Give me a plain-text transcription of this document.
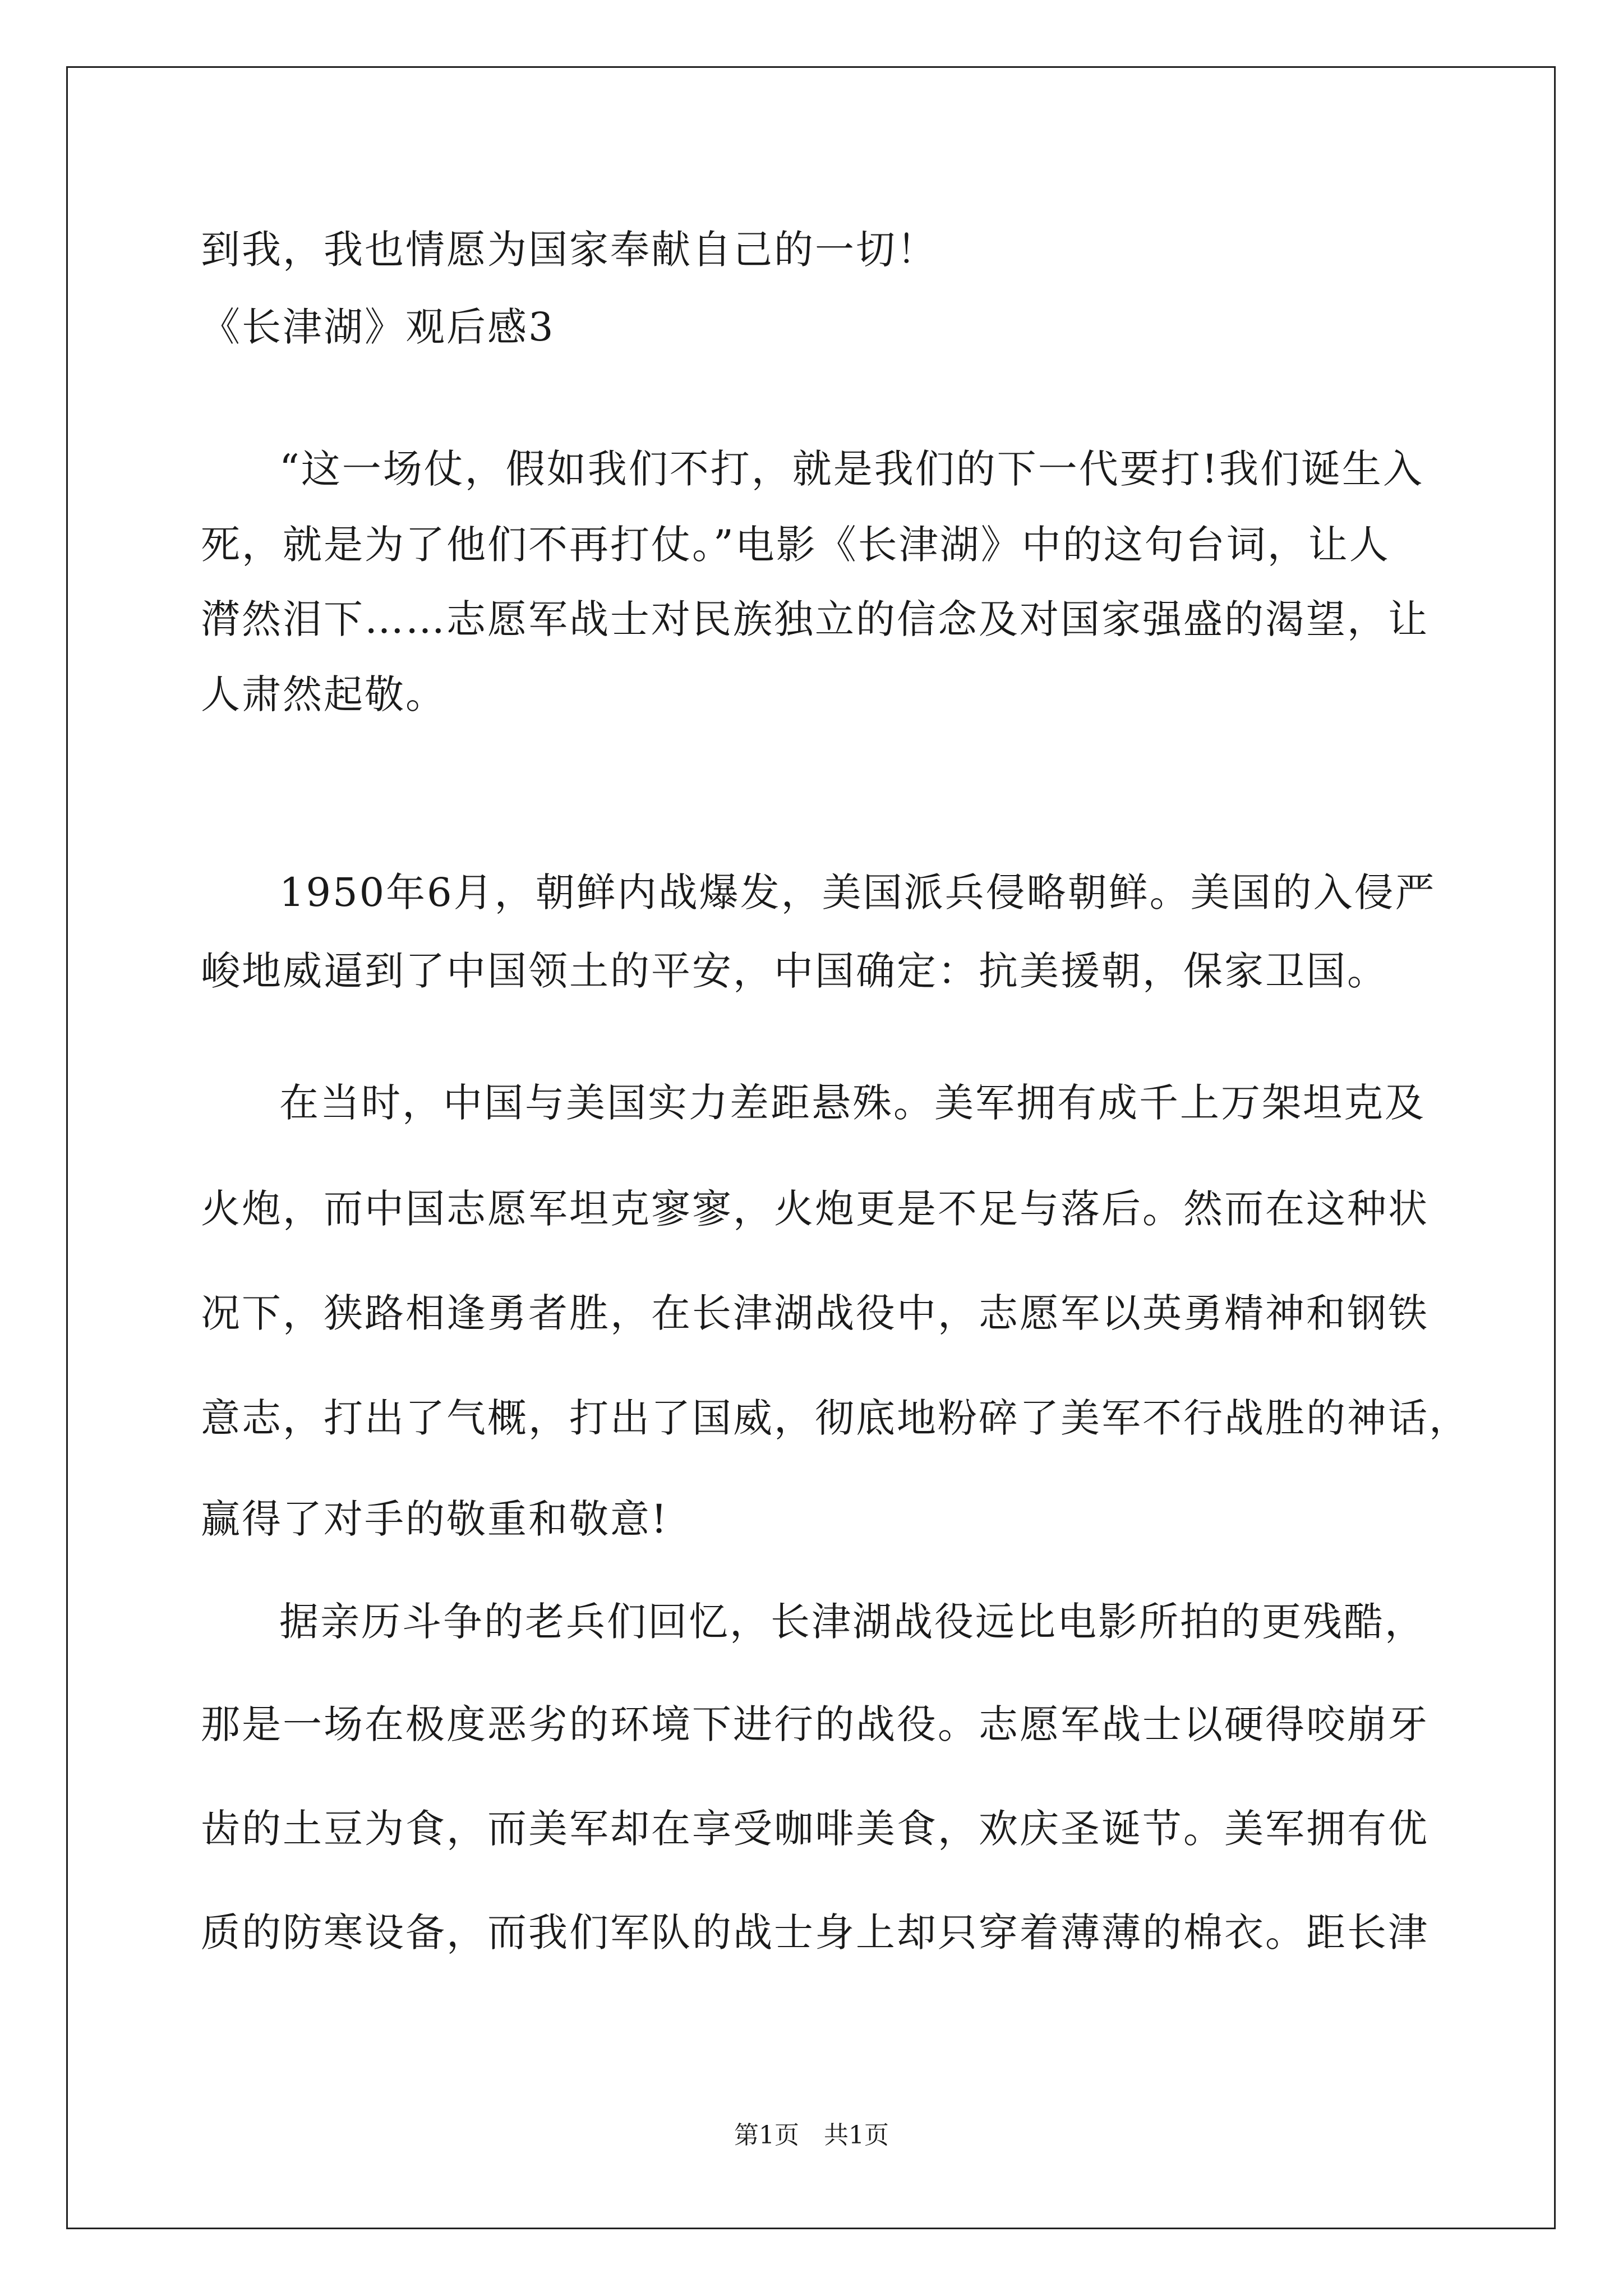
到我，我也情愿为国家奉献自己的一切！
《长津湖》观后感3
“这一场仗，假如我们不打，就是我们的下一代要打!我们诞生入
死，就是为了他们不再打仗。”电影《长津湖》中的这句台词，让人
潸然泪下……志愿军战士对民族独立的信念及对国家强盛的渴望，让
人肃然起敬。
1950年6月，朝鲜内战爆发，美国派兵侵略朝鲜。美国的入侵严
峻地威逼到了中国领土的平安，中国确定：抗美援朝，保家卫国。
在当时，中国与美国实力差距悬殊。美军拥有成千上万架坦克及
火炮，而中国志愿军坦克寥寥，火炮更是不足与落后。然而在这种状
况下，狭路相逢勇者胜，在长津湖战役中，志愿军以英勇精神和钢铁
意志，打出了气概，打出了国威，彻底地粉碎了美军不行战胜的神话，
赢得了对手的敬重和敬意!
据亲历斗争的老兵们回忆，长津湖战役远比电影所拍的更残酷，
那是一场在极度恶劣的环境下进行的战役。志愿军战士以硬得咬崩牙
齿的土豆为食，而美军却在享受咖啡美食，欢庆圣诞节。美军拥有优
质的防寒设备，而我们军队的战士身上却只穿着薄薄的棉衣。距长津
第1页　共1页
